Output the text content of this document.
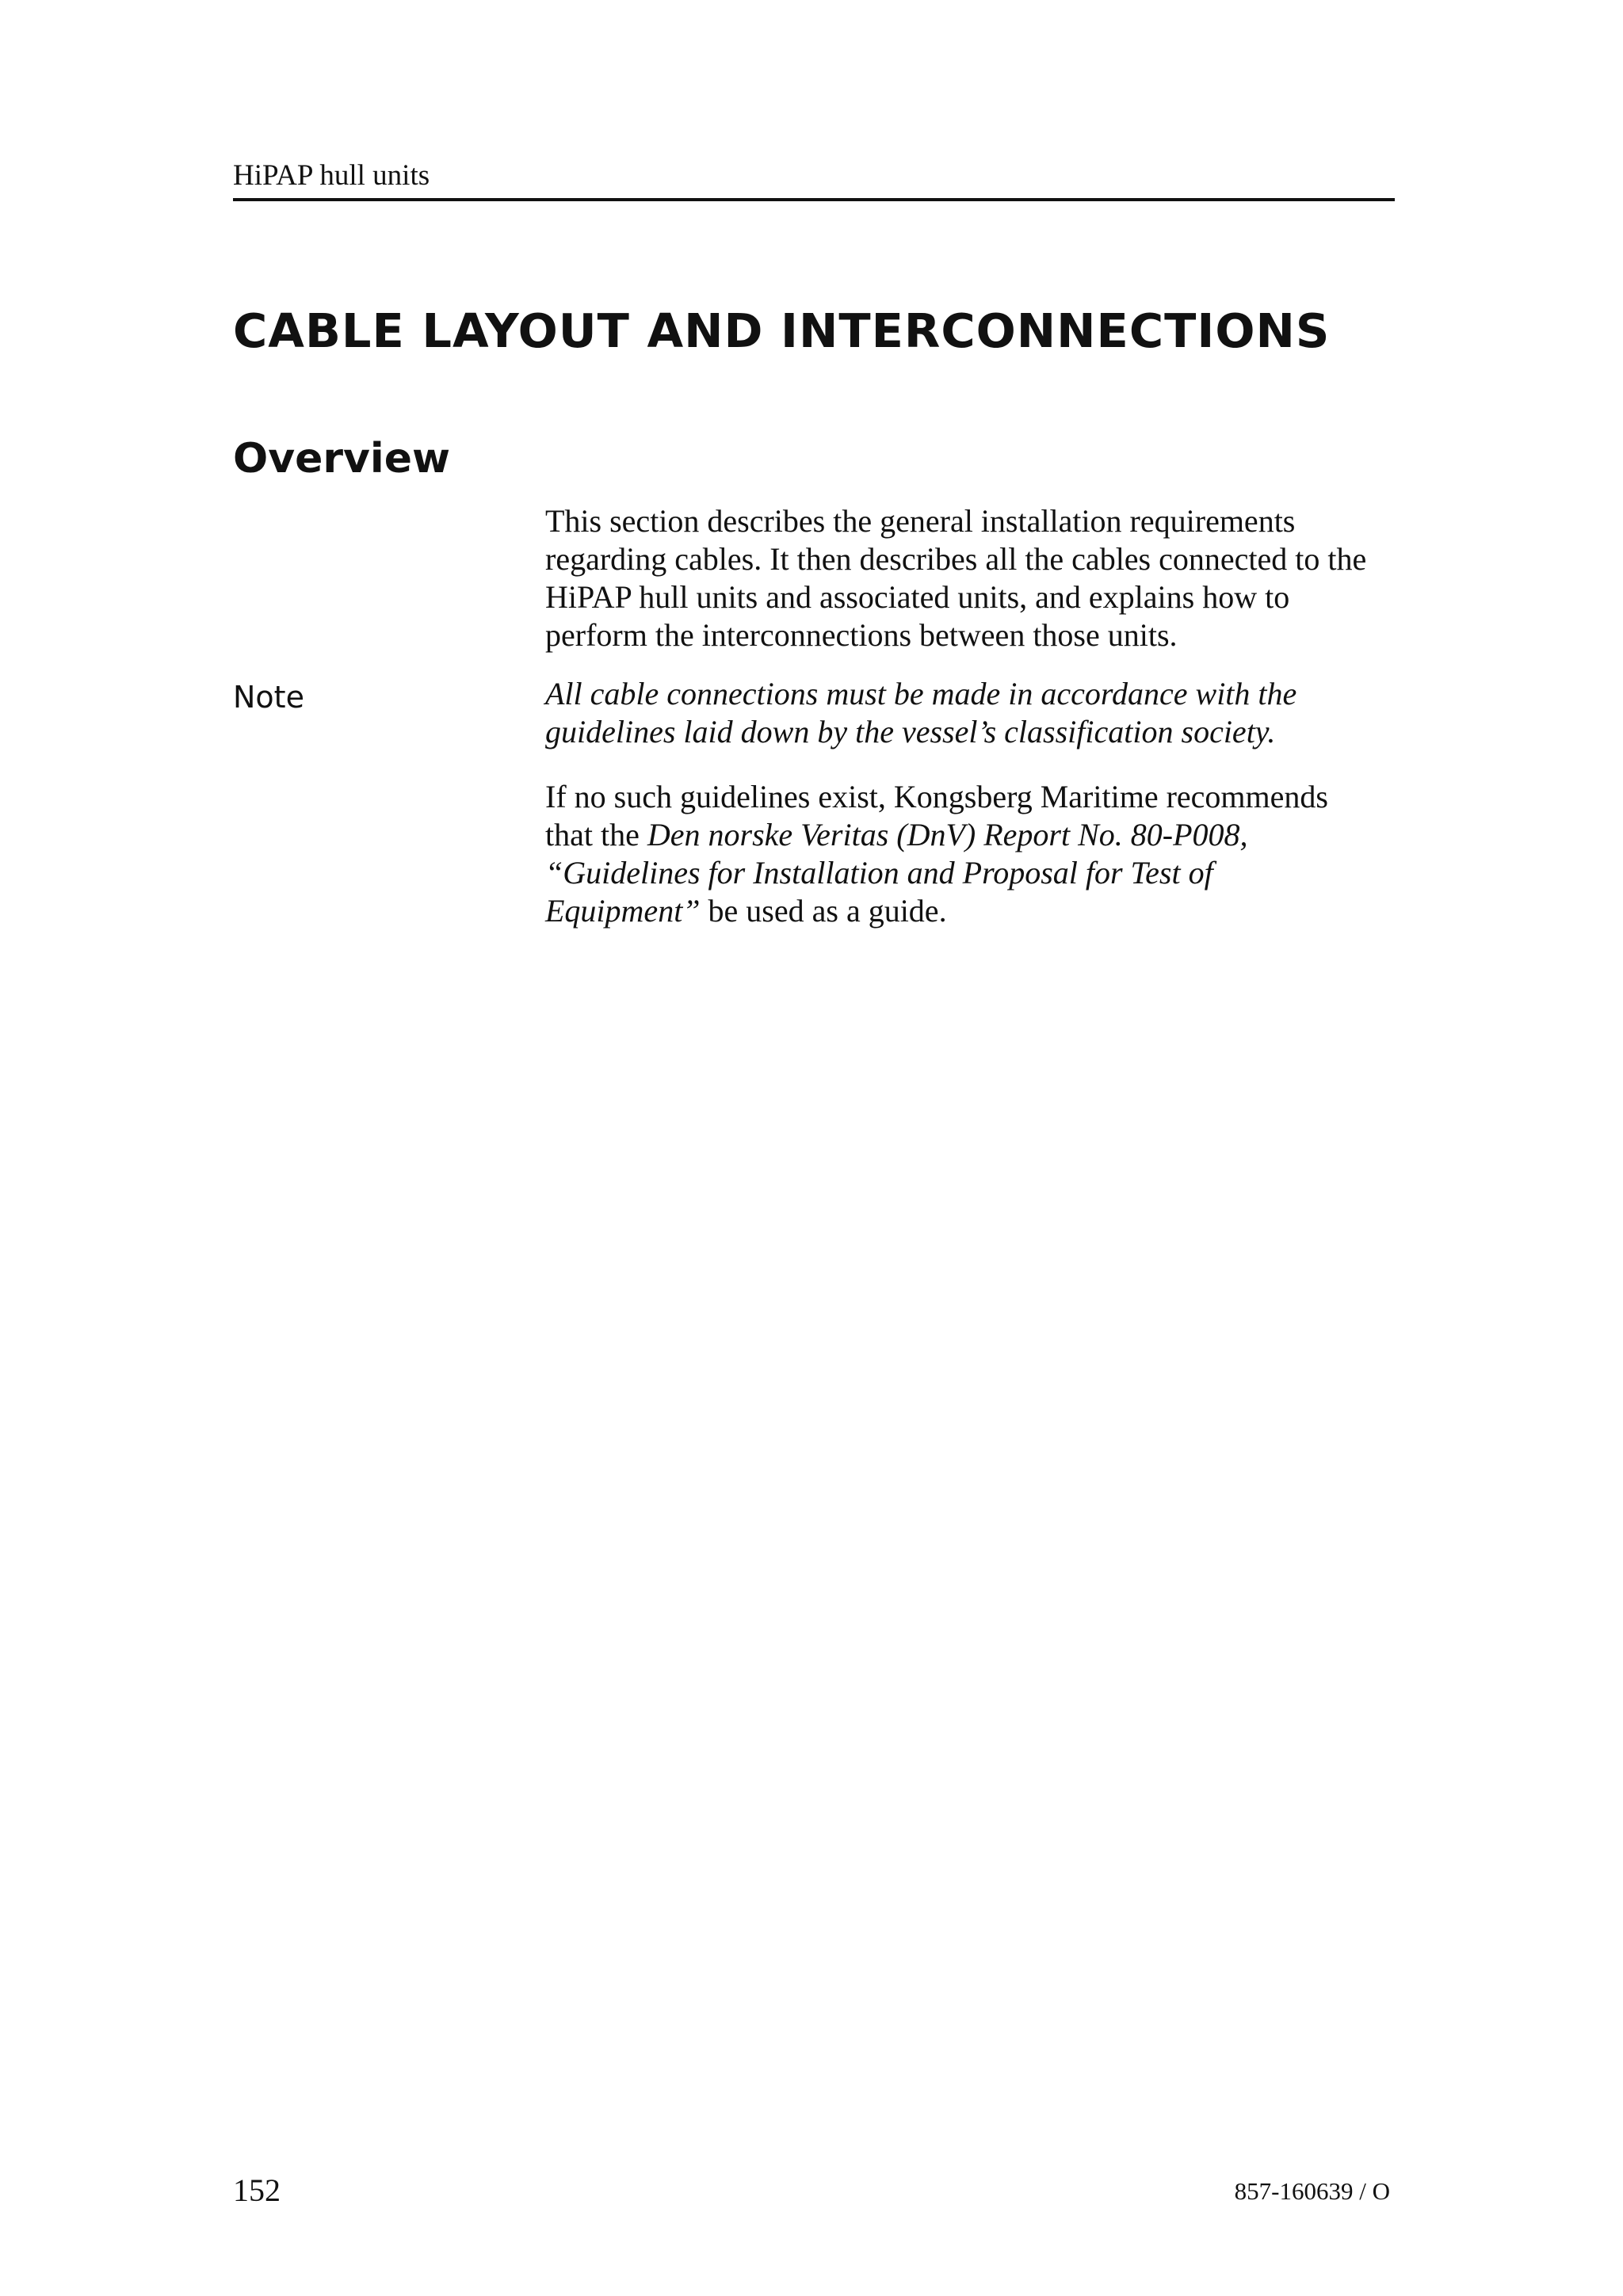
HiPAP hull units
CABLE LAYOUT AND INTERCONNECTIONS
Overview

This section describes the general installation requirements
regarding cables. It then describes all the cables connected to the
HiPAP hull units and associated units, and explains how to
perform the interconnections between those units.

Note	All cable connections must be made in accordance with the
guidelines laid down by the vessel’s classification society.

If no such guidelines exist, Kongsberg Maritime recommends
that the Den norske Veritas (DnV) Report No. 80-P008,
“Guidelines for Installation and Proposal for Test of
Equipment” be used as a guide.

152	857-160639 / O
